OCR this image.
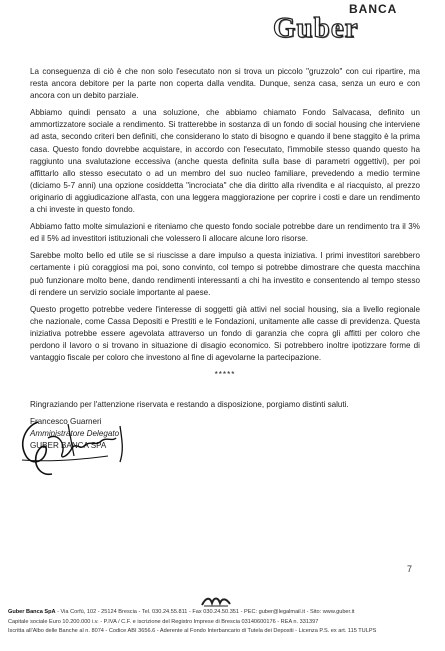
BANCA
Guber

La conseguenza di ciò è che non solo l'esecutato non si trova un piccolo "gruzzolo" con cui ripartire, ma resta ancora debitore per la parte non coperta dalla vendita. Dunque, senza casa, senza un euro e con ancora con un debito parziale.

Abbiamo quindi pensato a una soluzione, che abbiamo chiamato Fondo Salvacasa, definito un ammortizzatore sociale a rendimento. Si tratterebbe in sostanza di un fondo di social housing che interviene ad asta, secondo criteri ben definiti, che considerano lo stato di bisogno e quando il bene staggito è la prima casa. Questo fondo dovrebbe acquistare, in accordo con l'esecutato, l'immobile stesso quando questo ha raggiunto una svalutazione eccessiva (anche questa definita sulla base di parametri oggettivi), per poi affittarlo allo stesso esecutato o ad un membro del suo nucleo familiare, prevedendo a medio termine (diciamo 5-7 anni) una opzione cosiddetta "incrociata" che dia diritto alla rivendita e al riacquisto, al prezzo originario di aggiudicazione all'asta, con una leggera maggiorazione per coprire i costi e dare un rendimento a chi investe in questo fondo.

Abbiamo fatto molte simulazioni e riteniamo che questo fondo sociale potrebbe dare un rendimento tra il 3% ed il 5% ad investitori istituzionali che volessero lì allocare alcune loro risorse.

Sarebbe molto bello ed utile se si riuscisse a dare impulso a questa iniziativa. I primi investitori sarebbero certamente i più coraggiosi ma poi, sono convinto, col tempo si potrebbe dimostrare che questa macchina può funzionare molto bene, dando rendimenti interessanti a chi ha investito e consentendo al tempo stesso di rendere un servizio sociale importante al paese.

Questo progetto potrebbe vedere l'interesse di soggetti già attivi nel social housing, sia a livello regionale che nazionale, come Cassa Depositi e Prestiti e le Fondazioni, unitamente alle casse di previdenza. Questa iniziativa potrebbe essere agevolata attraverso un fondo di garanzia che copra gli affitti per coloro che perdono il lavoro o si trovano in situazione di disagio economico. Si potrebbero inoltre ipotizzare forme di vantaggio fiscale per coloro che investono al fine di agevolarne la partecipazione.

*****

Ringraziando per l'attenzione riservata e restando a disposizione, porgiamo distinti saluti.

Francesco Guarneri
Amministratore Delegato
GUBER BANCA SPA
7
Guber Banca SpA - Via Corfù, 102 - 25124 Brescia - Tel. 030.24.55.811 - Fax 030.24.50.351 - PEC: guber@legalmail.it - Sito: www.guber.it
Capitale sociale Euro 10.200.000 i.v. - P.IVA / C.F. e iscrizione del Registro Imprese di Brescia 03140600176 - REA n. 331397
Iscritta all'Albo delle Banche al n. 8074 - Codice ABI 3656.6 - Aderente al Fondo Interbancario di Tutela dei Depositi - Licenza P.S. ex art. 115 TULPS
